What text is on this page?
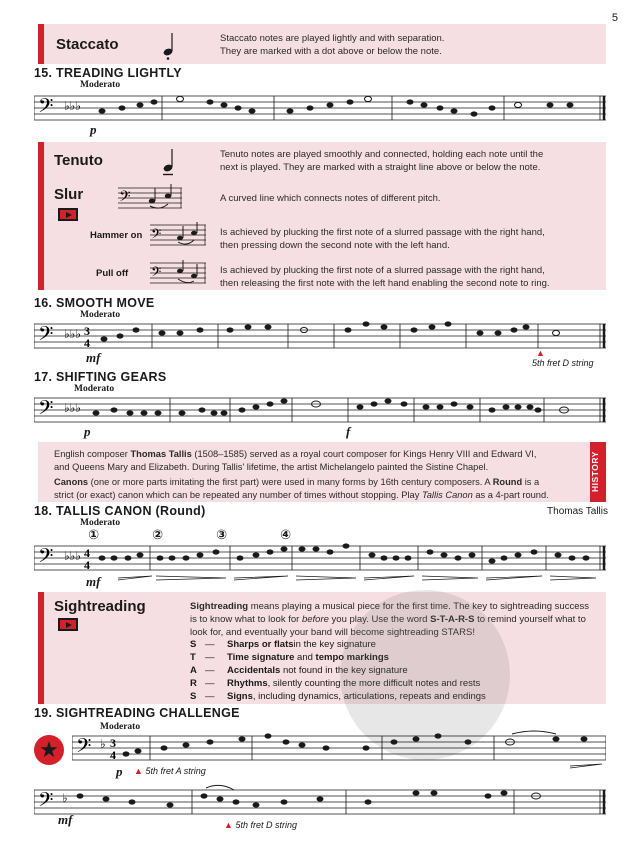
5
Staccato	Staccato notes are played lightly and with separation.
They are marked with a dot above or below the note.
15. TREADING LIGHTLY
Moderato
𝄢 ♭♭♭
p
Tenuto	Tenuto notes are played smoothly and connected, holding each note until the
next is played. They are marked with a straight line above or below the note.
Slur 𝄢	A curved line which connects notes of different pitch.
Hammer on 𝄢	Is achieved by plucking the first note of a slurred passage with the right hand,
then pressing down the second note with the left hand.
Pull off 𝄢	Is achieved by plucking the first note of a slurred passage with the right hand,
then releasing the first note with the left hand enabling the second note to ring.
16. SMOOTH MOVE
Moderato
𝄢 ♭♭♭ 3
4
mf	▲
5th fret D string
17. SHIFTING GEARS
Moderato
𝄢 ♭♭♭
p	f

English composer Thomas Tallis (1508–1585) served as a royal court composer for Kings Henry VIII and Edward VI,
and Queens Mary and Elizabeth. During Tallis' lifetime, the artist Michelangelo painted the Sistine Chapel.

Canons (one or more parts imitating the first part) were used in many forms by 16th century composers. A Round is a
strict (or exact) canon which can be repeated any number of times without stopping. Play Tallis Canon as a 4-part round.

HISTORY
18. TALLIS CANON (Round)	Thomas Tallis
Moderato
①	②	③	④
𝄢 ♭♭♭ 4
4
mf
Sightreading	Sightreading means playing a musical piece for the first time. The key to sightreading success
is to know what to look for before you play. Use the word S-T-A-R-S to remind yourself what to
look for, and eventually your band will become sightreading STARS!
S —	Sharps or flats in the key signature
T —	Time signature and tempo markings
A —	Accidentals not found in the key signature
R —	Rhythms , silently counting the more difficult notes and rests
S —	Signs , including dynamics, articulations, repeats and endings
19. SIGHTREADING CHALLENGE
Moderato
★ 𝄢 ♭ 3
4
p ▲ 5th fret A string
𝄢 ♭
mf	▲ 5th fret D string
